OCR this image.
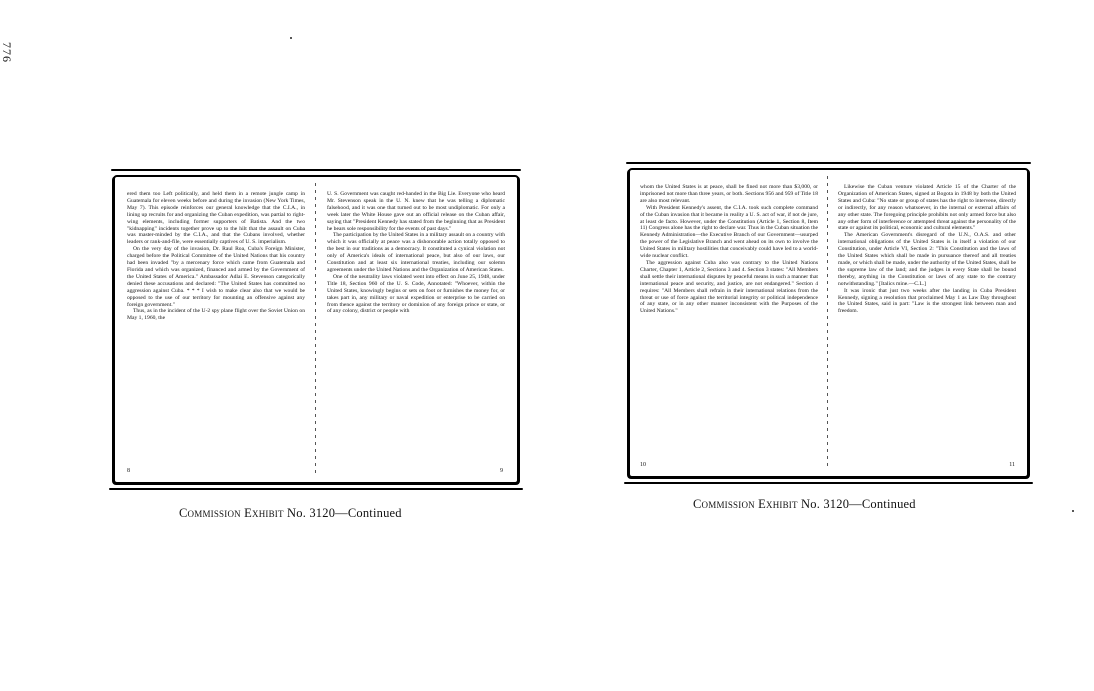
776

ered them too Left politically, and held them in a remote jungle camp in Guatemala for eleven weeks before and during the invasion (New York Times, May 7). This episode reinforces our general knowledge that the C.I.A., in lining up recruits for and organizing the Cuban expedition, was partial to right-wing elements, including former supporters of Batista. And the two "kidnapping" incidents together prove up to the hilt that the assault on Cuba was master-minded by the C.I.A., and that the Cubans involved, whether leaders or rank-and-file, were essentially captives of U. S. imperialism.

On the very day of the invasion, Dr. Raul Roa, Cuba's Foreign Minister, charged before the Political Committee of the United Nations that his country had been invaded "by a mercenary force which came from Guatemala and Florida and which was organized, financed and armed by the Government of the United States of America." Ambassador Adlai E. Stevenson categorically denied these accusations and declared: "The United States has committed no aggression against Cuba. * * * I wish to make clear also that we would be opposed to the use of our territory for mounting an offensive against any foreign government."

Thus, as in the incident of the U-2 spy plane flight over the Soviet Union on May 1, 1960, the

U. S. Government was caught red-handed in the Big Lie. Everyone who heard Mr. Stevenson speak in the U. N. knew that he was telling a diplomatic falsehood, and it was one that turned out to be most undiplomatic. For only a week later the White House gave out an official release on the Cuban affair, saying that "President Kennedy has stated from the beginning that as President he bears sole responsibility for the events of past days."

The participation by the United States in a military assault on a country with which it was officially at peace was a dishonorable action totally opposed to the best in our traditions as a democracy. It constituted a cynical violation not only of America's ideals of international peace, but also of our laws, our Constitution and at least six international treaties, including our solemn agreements under the United Nations and the Organization of American States.

One of the neutrality laws violated went into effect on June 25, 1948, under Title 18, Section 960 of the U. S. Code, Annotated: "Whoever, within the United States, knowingly begins or sets on foot or furnishes the money for, or takes part in, any military or naval expedition or enterprise to be carried on from thence against the territory or dominion of any foreign prince or state, or of any colony, district or people with

8	9

whom the United States is at peace, shall be fined not more than $3,000, or imprisoned not more than three years, or both. Sections 956 and 959 of Title 18 are also most relevant.

With President Kennedy's assent, the C.I.A. took such complete command of the Cuban invasion that it became in reality a U. S. act of war, if not de jure, at least de facto. However, under the Constitution (Article 1, Section 8, Item 11) Congress alone has the right to declare war. Thus in the Cuban situation the Kennedy Administration—the Executive Branch of our Government—usurped the power of the Legislative Branch and went ahead on its own to involve the United States in military hostilities that conceivably could have led to a world-wide nuclear conflict.

The aggression against Cuba also was contrary to the United Nations Charter, Chapter 1, Article 2, Sections 3 and 4. Section 3 states: "All Members shall settle their international disputes by peaceful means in such a manner that international peace and security, and justice, are not endangered." Section 4 requires: "All Members shall refrain in their international relations from the threat or use of force against the territorial integrity or political independence of any state, or in any other manner inconsistent with the Purposes of the United Nations."

Likewise the Cuban venture violated Article 15 of the Charter of the Organization of American States, signed at Bogota in 1948 by both the United States and Cuba: "No state or group of states has the right to intervene, directly or indirectly, for any reason whatsoever, in the internal or external affairs of any other state. The foregoing principle prohibits not only armed force but also any other form of interference or attempted threat against the personality of the state or against its political, economic and cultural elements."

The American Government's disregard of the U.N., O.A.S. and other international obligations of the United States is in itself a violation of our Constitution, under Article VI, Section 2: "This Constitution and the laws of the United States which shall be made in pursuance thereof and all treaties made, or which shall be made, under the authority of the United States, shall be the supreme law of the land; and the judges in every State shall be bound thereby, anything in the Constitution or laws of any state to the contrary notwithstanding." [Italics mine.—C.L.]

It was ironic that just two weeks after the landing in Cuba President Kennedy, signing a resolution that proclaimed May 1 as Law Day throughout the United States, said in part: "Law is the strongest link between man and freedom.

10	11
Commission Exhibit No. 3120—Continued
Commission Exhibit No. 3120—Continued
